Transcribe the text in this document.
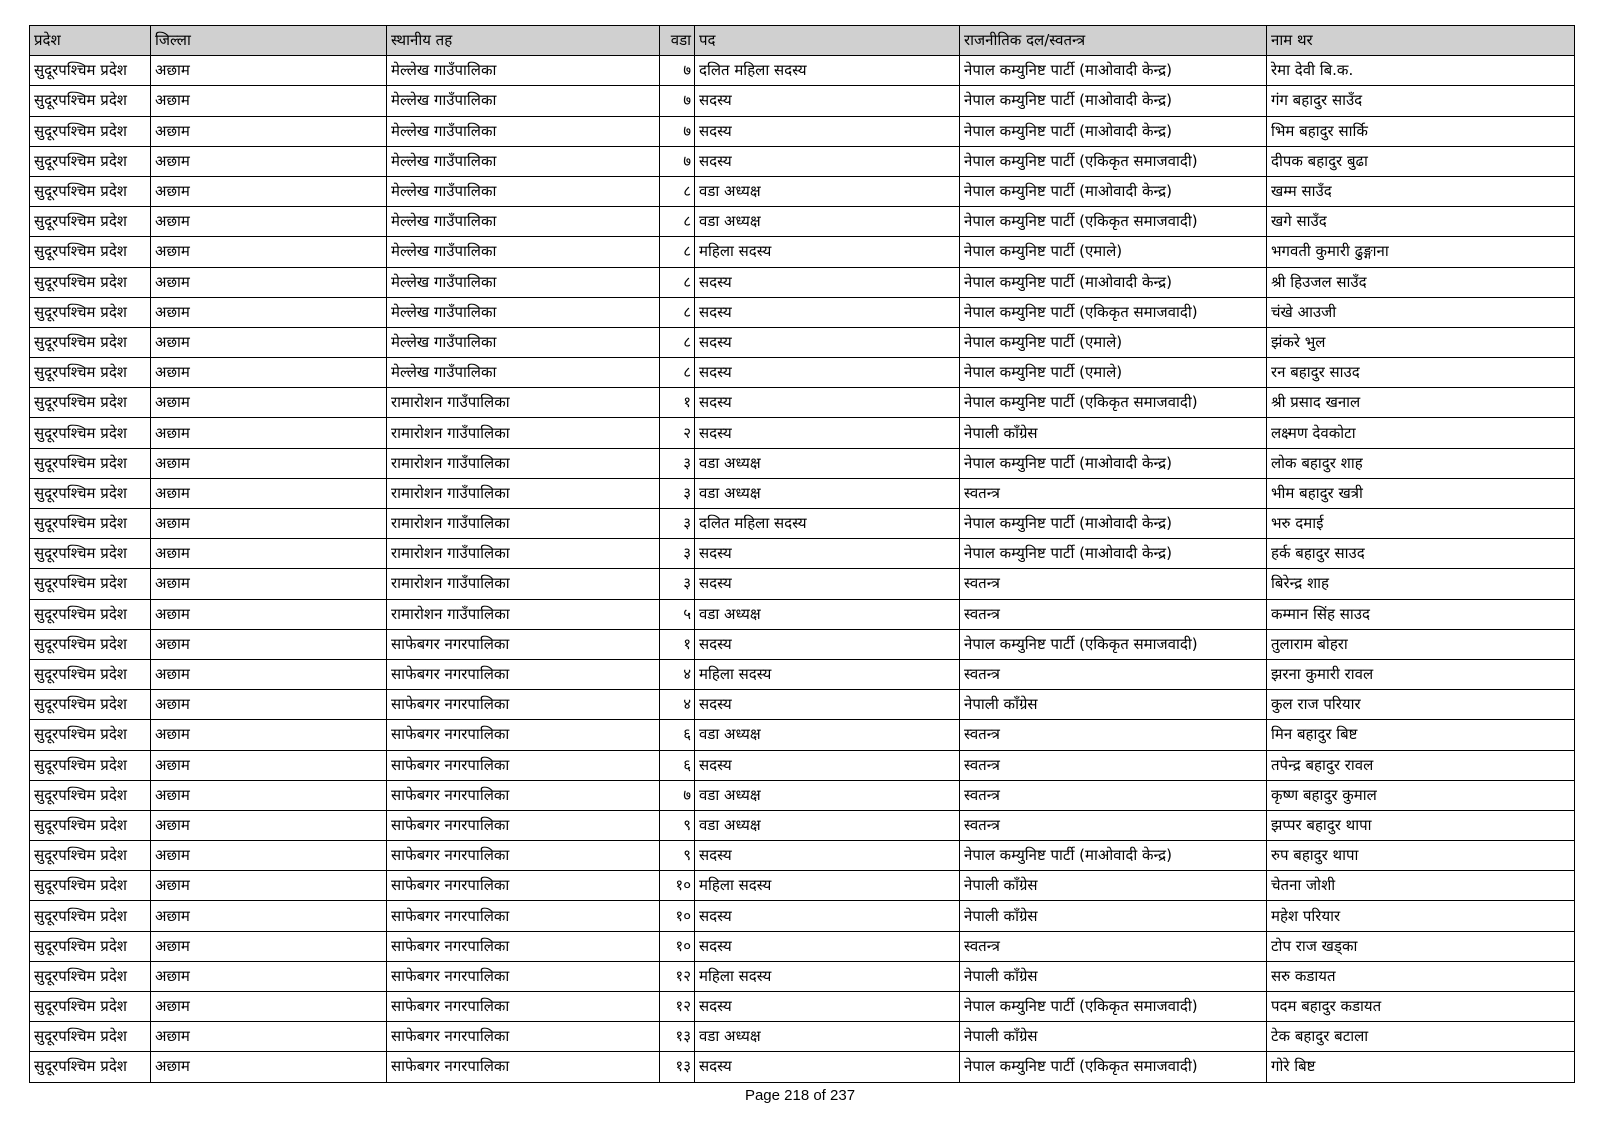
प्रदेश	जिल्ला	स्थानीय तह	वडा	पद	राजनीतिक दल/स्वतन्त्र	नाम थर
सुदूरपश्चिम प्रदेश	अछाम	मेल्लेख गाउँपालिका	७	दलित महिला सदस्य	नेपाल कम्युनिष्ट पार्टी (माओवादी केन्द्र)	रेमा देवी बि.क.
सुदूरपश्चिम प्रदेश	अछाम	मेल्लेख गाउँपालिका	७	सदस्य	नेपाल कम्युनिष्ट पार्टी (माओवादी केन्द्र)	गंग बहादुर साउँद
सुदूरपश्चिम प्रदेश	अछाम	मेल्लेख गाउँपालिका	७	सदस्य	नेपाल कम्युनिष्ट पार्टी (माओवादी केन्द्र)	भिम बहादुर सार्कि
सुदूरपश्चिम प्रदेश	अछाम	मेल्लेख गाउँपालिका	७	सदस्य	नेपाल कम्युनिष्ट पार्टी (एकिकृत समाजवादी)	दीपक बहादुर बुढा
सुदूरपश्चिम प्रदेश	अछाम	मेल्लेख गाउँपालिका	८	वडा अध्यक्ष	नेपाल कम्युनिष्ट पार्टी (माओवादी केन्द्र)	खम्म साउँद
सुदूरपश्चिम प्रदेश	अछाम	मेल्लेख गाउँपालिका	८	वडा अध्यक्ष	नेपाल कम्युनिष्ट पार्टी (एकिकृत समाजवादी)	खगे साउँद
सुदूरपश्चिम प्रदेश	अछाम	मेल्लेख गाउँपालिका	८	महिला सदस्य	नेपाल कम्युनिष्ट पार्टी (एमाले)	भगवती कुमारी ढुङ्गाना
सुदूरपश्चिम प्रदेश	अछाम	मेल्लेख गाउँपालिका	८	सदस्य	नेपाल कम्युनिष्ट पार्टी (माओवादी केन्द्र)	श्री हिउजल साउँद
सुदूरपश्चिम प्रदेश	अछाम	मेल्लेख गाउँपालिका	८	सदस्य	नेपाल कम्युनिष्ट पार्टी (एकिकृत समाजवादी)	चंखे आउजी
सुदूरपश्चिम प्रदेश	अछाम	मेल्लेख गाउँपालिका	८	सदस्य	नेपाल कम्युनिष्ट पार्टी (एमाले)	झंकरे भुल
सुदूरपश्चिम प्रदेश	अछाम	मेल्लेख गाउँपालिका	८	सदस्य	नेपाल कम्युनिष्ट पार्टी (एमाले)	रन बहादुर साउद
सुदूरपश्चिम प्रदेश	अछाम	रामारोशन गाउँपालिका	१	सदस्य	नेपाल कम्युनिष्ट पार्टी (एकिकृत समाजवादी)	श्री प्रसाद खनाल
सुदूरपश्चिम प्रदेश	अछाम	रामारोशन गाउँपालिका	२	सदस्य	नेपाली काँग्रेस	लक्ष्मण देवकोटा
सुदूरपश्चिम प्रदेश	अछाम	रामारोशन गाउँपालिका	३	वडा अध्यक्ष	नेपाल कम्युनिष्ट पार्टी (माओवादी केन्द्र)	लोक बहादुर शाह
सुदूरपश्चिम प्रदेश	अछाम	रामारोशन गाउँपालिका	३	वडा अध्यक्ष	स्वतन्त्र	भीम बहादुर खत्री
सुदूरपश्चिम प्रदेश	अछाम	रामारोशन गाउँपालिका	३	दलित महिला सदस्य	नेपाल कम्युनिष्ट पार्टी (माओवादी केन्द्र)	भरु दमाई
सुदूरपश्चिम प्रदेश	अछाम	रामारोशन गाउँपालिका	३	सदस्य	नेपाल कम्युनिष्ट पार्टी (माओवादी केन्द्र)	हर्क बहादुर साउद
सुदूरपश्चिम प्रदेश	अछाम	रामारोशन गाउँपालिका	३	सदस्य	स्वतन्त्र	बिरेन्द्र शाह
सुदूरपश्चिम प्रदेश	अछाम	रामारोशन गाउँपालिका	५	वडा अध्यक्ष	स्वतन्त्र	कम्मान सिंह साउद
सुदूरपश्चिम प्रदेश	अछाम	साफेबगर नगरपालिका	१	सदस्य	नेपाल कम्युनिष्ट पार्टी (एकिकृत समाजवादी)	तुलाराम बोहरा
सुदूरपश्चिम प्रदेश	अछाम	साफेबगर नगरपालिका	४	महिला सदस्य	स्वतन्त्र	झरना कुमारी रावल
सुदूरपश्चिम प्रदेश	अछाम	साफेबगर नगरपालिका	४	सदस्य	नेपाली काँग्रेस	कुल राज परियार
सुदूरपश्चिम प्रदेश	अछाम	साफेबगर नगरपालिका	६	वडा अध्यक्ष	स्वतन्त्र	मिन बहादुर बिष्ट
सुदूरपश्चिम प्रदेश	अछाम	साफेबगर नगरपालिका	६	सदस्य	स्वतन्त्र	तपेन्द्र बहादुर रावल
सुदूरपश्चिम प्रदेश	अछाम	साफेबगर नगरपालिका	७	वडा अध्यक्ष	स्वतन्त्र	कृष्ण बहादुर कुमाल
सुदूरपश्चिम प्रदेश	अछाम	साफेबगर नगरपालिका	९	वडा अध्यक्ष	स्वतन्त्र	झप्पर बहादुर थापा
सुदूरपश्चिम प्रदेश	अछाम	साफेबगर नगरपालिका	९	सदस्य	नेपाल कम्युनिष्ट पार्टी (माओवादी केन्द्र)	रुप बहादुर थापा
सुदूरपश्चिम प्रदेश	अछाम	साफेबगर नगरपालिका	१०	महिला सदस्य	नेपाली काँग्रेस	चेतना जोशी
सुदूरपश्चिम प्रदेश	अछाम	साफेबगर नगरपालिका	१०	सदस्य	नेपाली काँग्रेस	महेश परियार
सुदूरपश्चिम प्रदेश	अछाम	साफेबगर नगरपालिका	१०	सदस्य	स्वतन्त्र	टोप राज खड्का
सुदूरपश्चिम प्रदेश	अछाम	साफेबगर नगरपालिका	१२	महिला सदस्य	नेपाली काँग्रेस	सरु कडायत
सुदूरपश्चिम प्रदेश	अछाम	साफेबगर नगरपालिका	१२	सदस्य	नेपाल कम्युनिष्ट पार्टी (एकिकृत समाजवादी)	पदम बहादुर कडायत
सुदूरपश्चिम प्रदेश	अछाम	साफेबगर नगरपालिका	१३	वडा अध्यक्ष	नेपाली काँग्रेस	टेक बहादुर बटाला
सुदूरपश्चिम प्रदेश	अछाम	साफेबगर नगरपालिका	१३	सदस्य	नेपाल कम्युनिष्ट पार्टी (एकिकृत समाजवादी)	गोरे बिष्ट
Page 218 of 237
